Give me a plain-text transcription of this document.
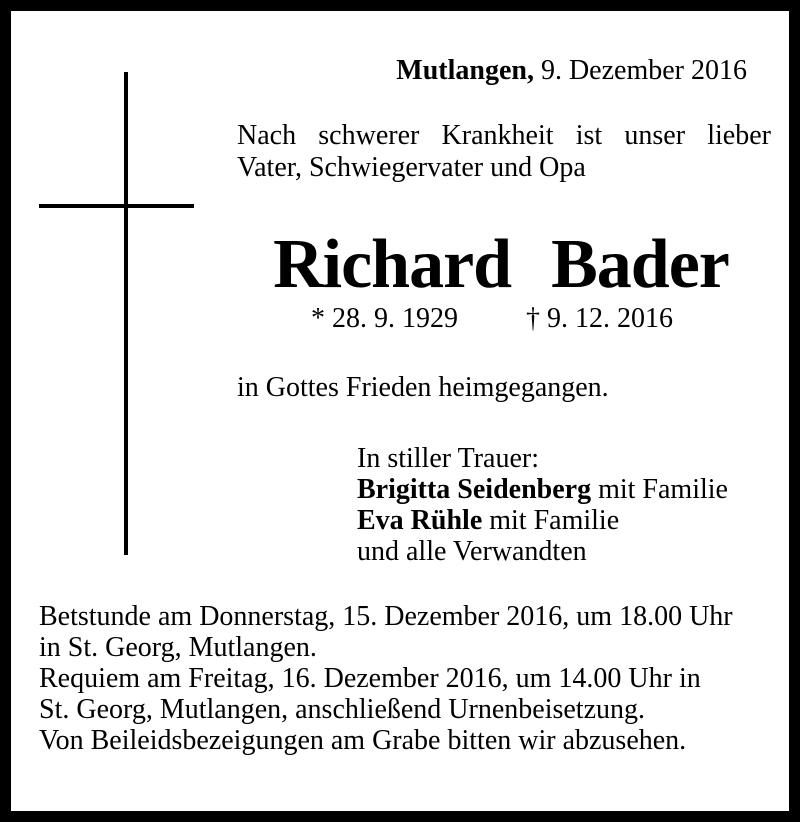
Mutlangen, 9. Dezember 2016
Nach schwerer Krankheit ist unser lieber
Vater, Schwiegervater und Opa
Richard Bader
* 28. 9. 1929 † 9. 12. 2016
in Gottes Frieden heimgegangen.
In stiller Trauer:
Brigitta Seidenberg mit Familie
Eva Rühle mit Familie
und alle Verwandten
Betstunde am Donnerstag, 15. Dezember 2016, um 18.00 Uhr
in St. Georg, Mutlangen.
Requiem am Freitag, 16. Dezember 2016, um 14.00 Uhr in
St. Georg, Mutlangen, anschließend Urnenbeisetzung.
Von Beileidsbezeigungen am Grabe bitten wir abzusehen.
